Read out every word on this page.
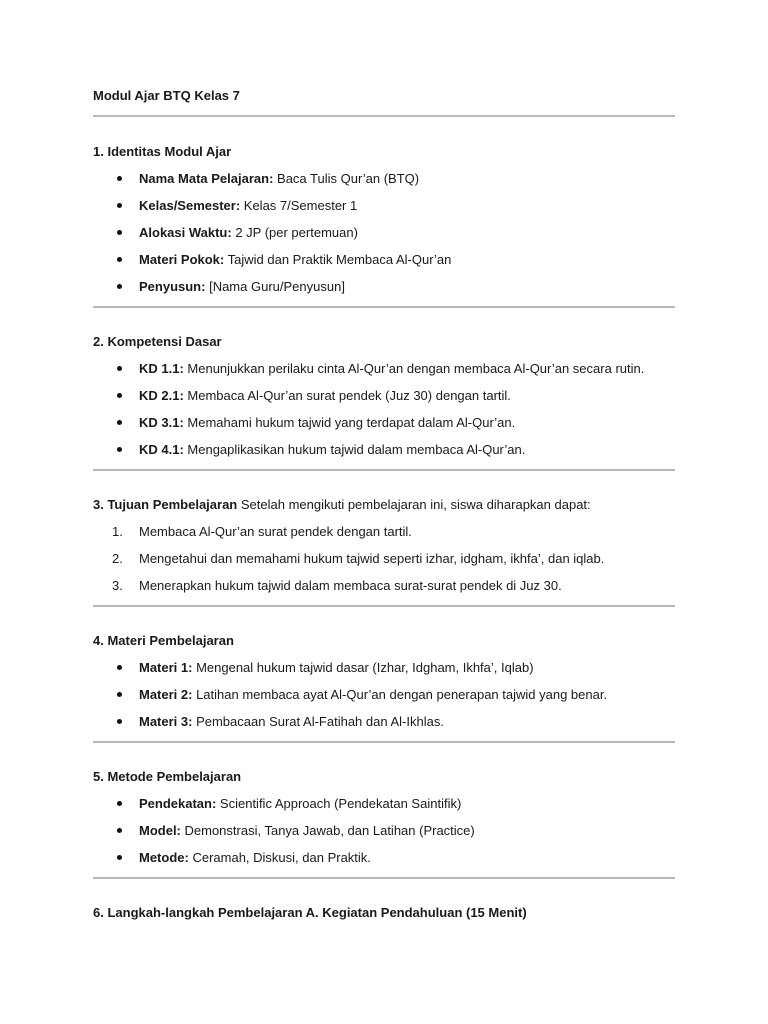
Modul Ajar BTQ Kelas 7

1. Identitas Modul Ajar

Nama Mata Pelajaran: Baca Tulis Qur’an (BTQ)
Kelas/Semester: Kelas 7/Semester 1
Alokasi Waktu: 2 JP (per pertemuan)
Materi Pokok: Tajwid dan Praktik Membaca Al-Qur’an
Penyusun: [Nama Guru/Penyusun]

2. Kompetensi Dasar

KD 1.1: Menunjukkan perilaku cinta Al-Qur’an dengan membaca Al-Qur’an secara rutin.
KD 2.1: Membaca Al-Qur’an surat pendek (Juz 30) dengan tartil.
KD 3.1: Memahami hukum tajwid yang terdapat dalam Al-Qur’an.
KD 4.1: Mengaplikasikan hukum tajwid dalam membaca Al-Qur’an.

3. Tujuan Pembelajaran Setelah mengikuti pembelajaran ini, siswa diharapkan dapat:

1. Membaca Al-Qur’an surat pendek dengan tartil.
2. Mengetahui dan memahami hukum tajwid seperti izhar, idgham, ikhfa’, dan iqlab.
3. Menerapkan hukum tajwid dalam membaca surat-surat pendek di Juz 30.

4. Materi Pembelajaran

Materi 1: Mengenal hukum tajwid dasar (Izhar, Idgham, Ikhfa’, Iqlab)
Materi 2: Latihan membaca ayat Al-Qur’an dengan penerapan tajwid yang benar.
Materi 3: Pembacaan Surat Al-Fatihah dan Al-Ikhlas.

5. Metode Pembelajaran

Pendekatan: Scientific Approach (Pendekatan Saintifik)
Model: Demonstrasi, Tanya Jawab, dan Latihan (Practice)
Metode: Ceramah, Diskusi, dan Praktik.

6. Langkah-langkah Pembelajaran A. Kegiatan Pendahuluan (15 Menit)
